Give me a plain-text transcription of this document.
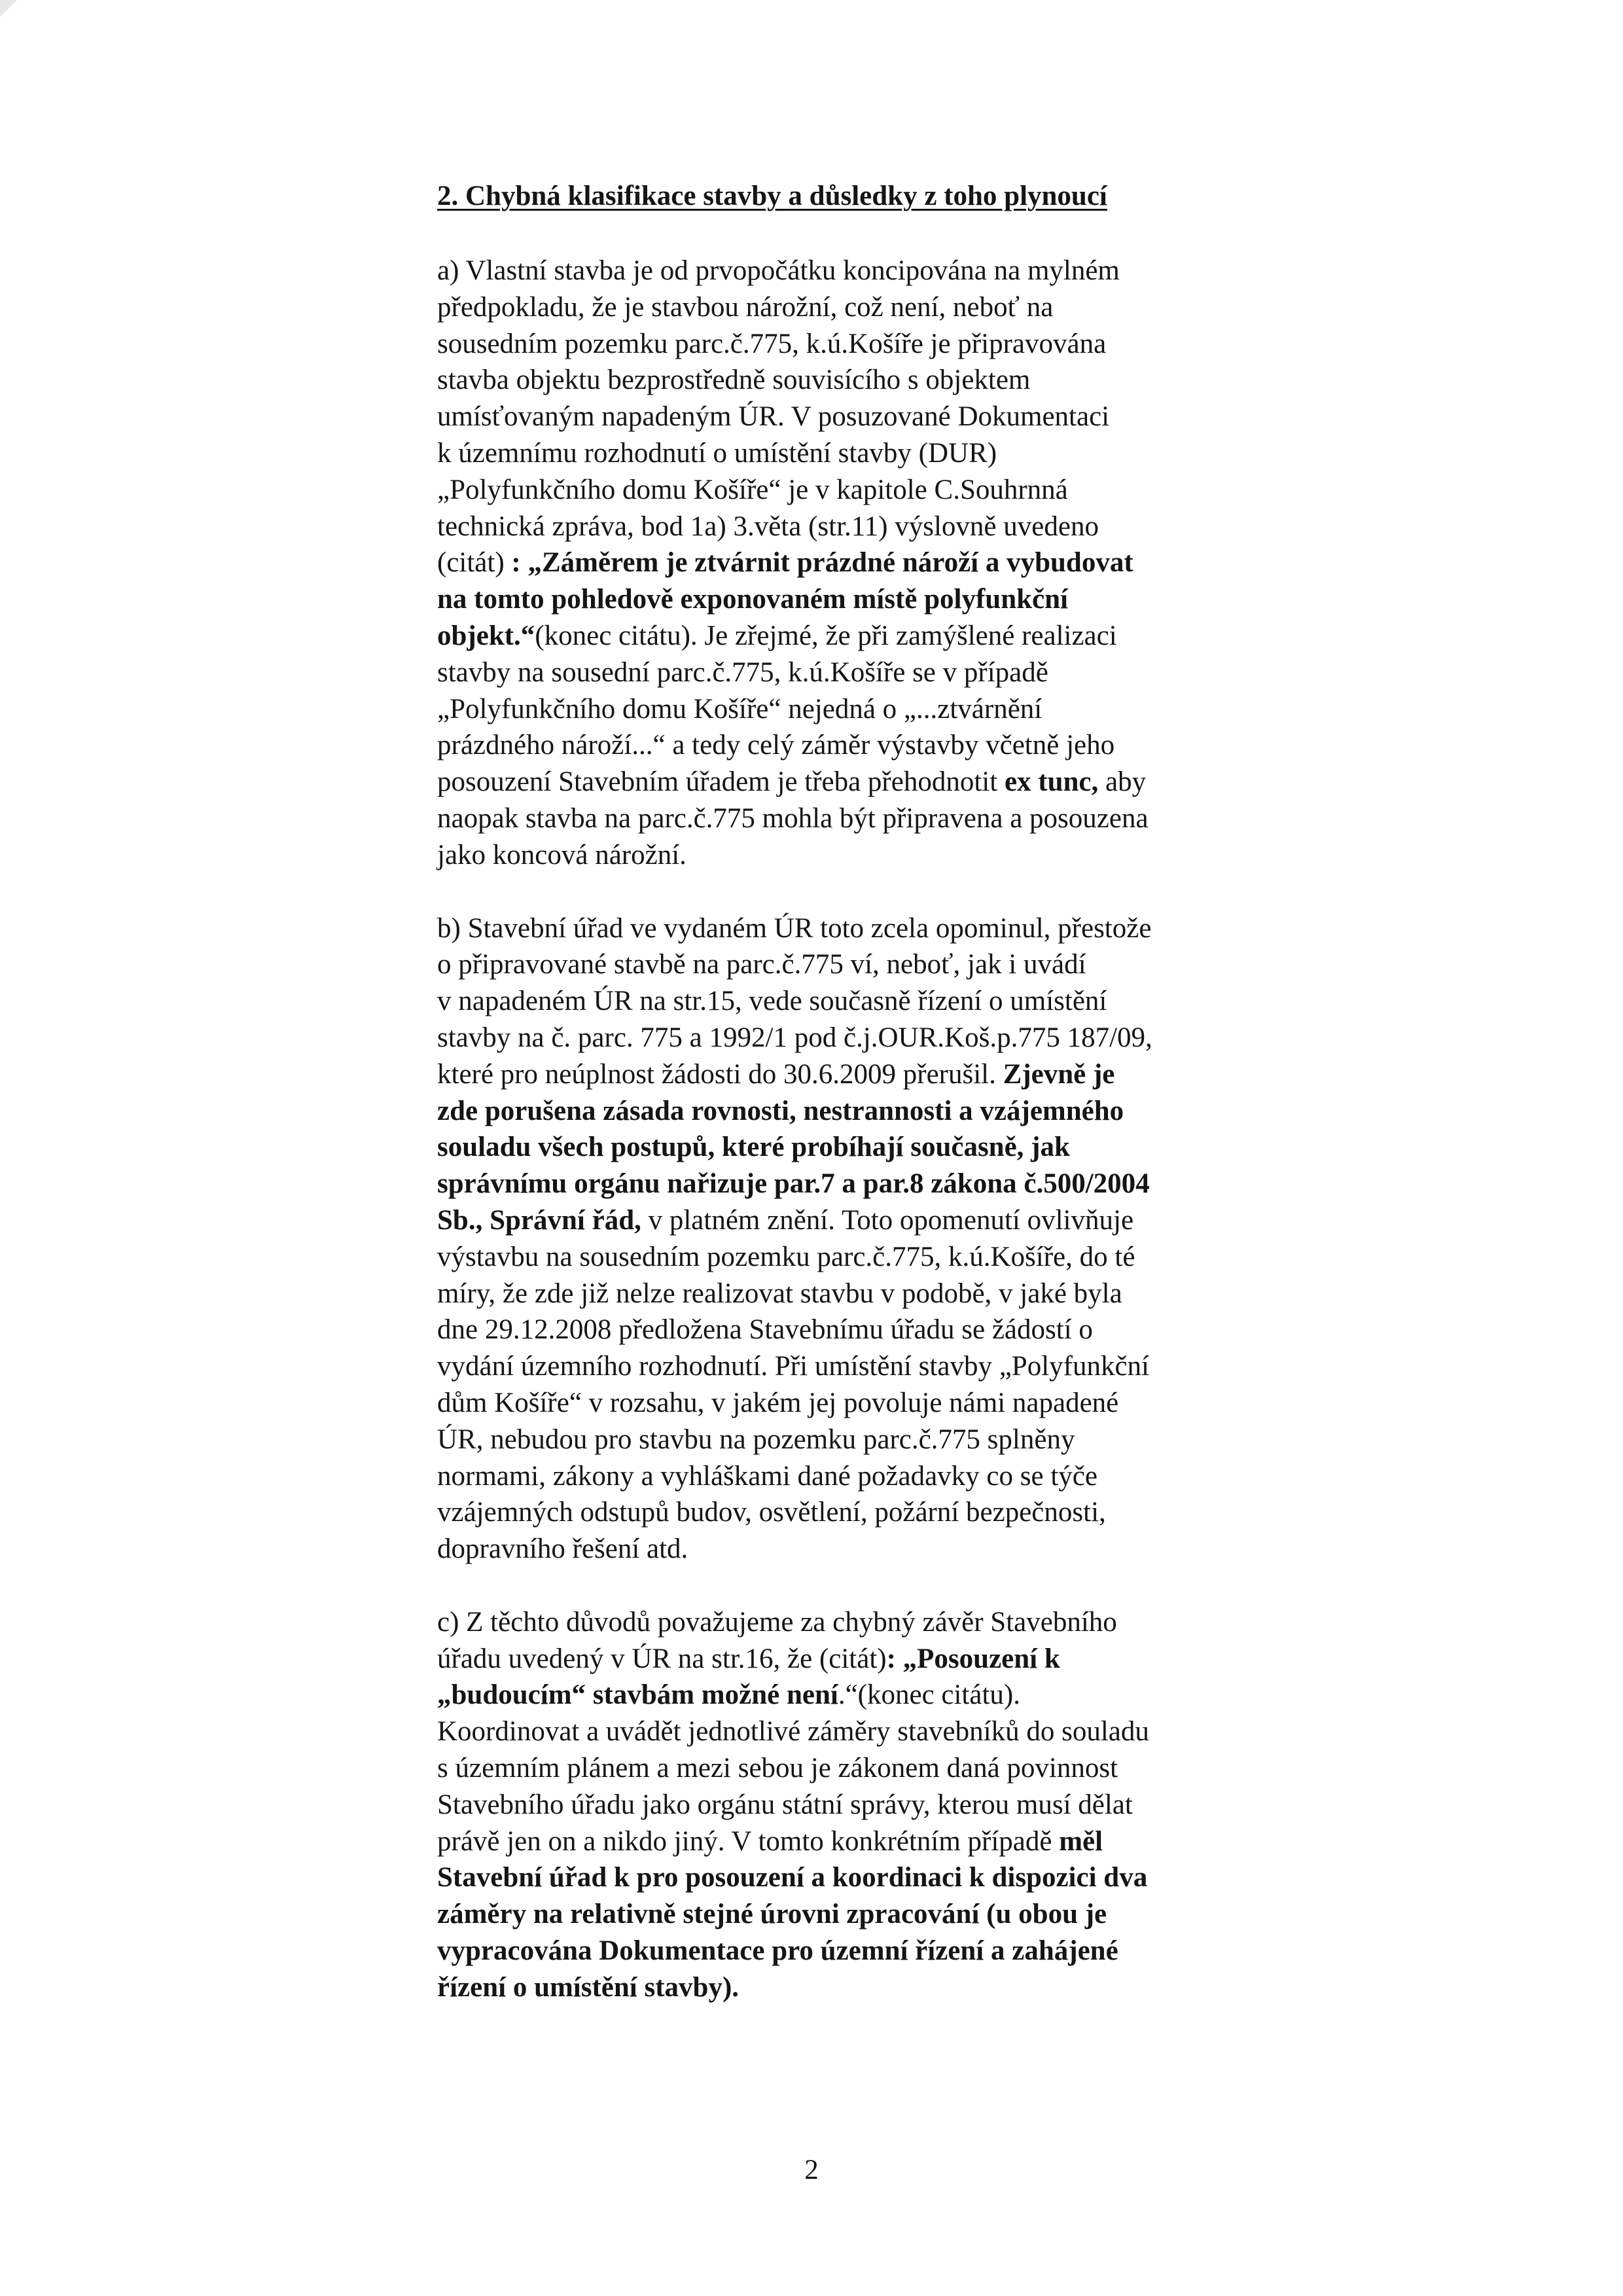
2. Chybná klasifikace stavby a důsledky z toho plynoucí
a) Vlastní stavba je od prvopočátku koncipována na mylném
předpokladu, že je stavbou nárožní, což není, neboť na
sousedním pozemku parc.č.775, k.ú.Košíře je připravována
stavba objektu bezprostředně souvisícího s objektem
umísťovaným napadeným ÚR. V posuzované Dokumentaci
k územnímu rozhodnutí o umístění stavby (DUR)
„Polyfunkčního domu Košíře“ je v kapitole C.Souhrnná
technická zpráva, bod 1a) 3.věta (str.11) výslovně uvedeno
(citát) : „Záměrem je ztvárnit prázdné nároží a vybudovat
na tomto pohledově exponovaném místě polyfunkční
objekt.“(konec citátu). Je zřejmé, že při zamýšlené realizaci
stavby na sousední parc.č.775, k.ú.Košíře se v případě
„Polyfunkčního domu Košíře“ nejedná o „...ztvárnění
prázdného nároží...“ a tedy celý záměr výstavby včetně jeho
posouzení Stavebním úřadem je třeba přehodnotit ex tunc, aby
naopak stavba na parc.č.775 mohla být připravena a posouzena
jako koncová nárožní.
b) Stavební úřad ve vydaném ÚR toto zcela opominul, přestože
o připravované stavbě na parc.č.775 ví, neboť, jak i uvádí
v napadeném ÚR na str.15, vede současně řízení o umístění
stavby na č. parc. 775 a 1992/1 pod č.j.OUR.Koš.p.775 187/09,
které pro neúplnost žádosti do 30.6.2009 přerušil. Zjevně je
zde porušena zásada rovnosti, nestrannosti a vzájemného
souladu všech postupů, které probíhají současně, jak
správnímu orgánu nařizuje par.7 a par.8 zákona č.500/2004
Sb., Správní řád, v platném znění. Toto opomenutí ovlivňuje
výstavbu na sousedním pozemku parc.č.775, k.ú.Košíře, do té
míry, že zde již nelze realizovat stavbu v podobě, v jaké byla
dne 29.12.2008 předložena Stavebnímu úřadu se žádostí o
vydání územního rozhodnutí. Při umístění stavby „Polyfunkční
dům Košíře“ v rozsahu, v jakém jej povoluje námi napadené
ÚR, nebudou pro stavbu na pozemku parc.č.775 splněny
normami, zákony a vyhláškami dané požadavky co se týče
vzájemných odstupů budov, osvětlení, požární bezpečnosti,
dopravního řešení atd.
c) Z těchto důvodů považujeme za chybný závěr Stavebního
úřadu uvedený v ÚR na str.16, že (citát): „Posouzení k
„budoucím“ stavbám možné není.“(konec citátu).
Koordinovat a uvádět jednotlivé záměry stavebníků do souladu
s územním plánem a mezi sebou je zákonem daná povinnost
Stavebního úřadu jako orgánu státní správy, kterou musí dělat
právě jen on a nikdo jiný. V tomto konkrétním případě měl
Stavební úřad k pro posouzení a koordinaci k dispozici dva
záměry na relativně stejné úrovni zpracování (u obou je
vypracována Dokumentace pro územní řízení a zahájené
řízení o umístění stavby).
2
